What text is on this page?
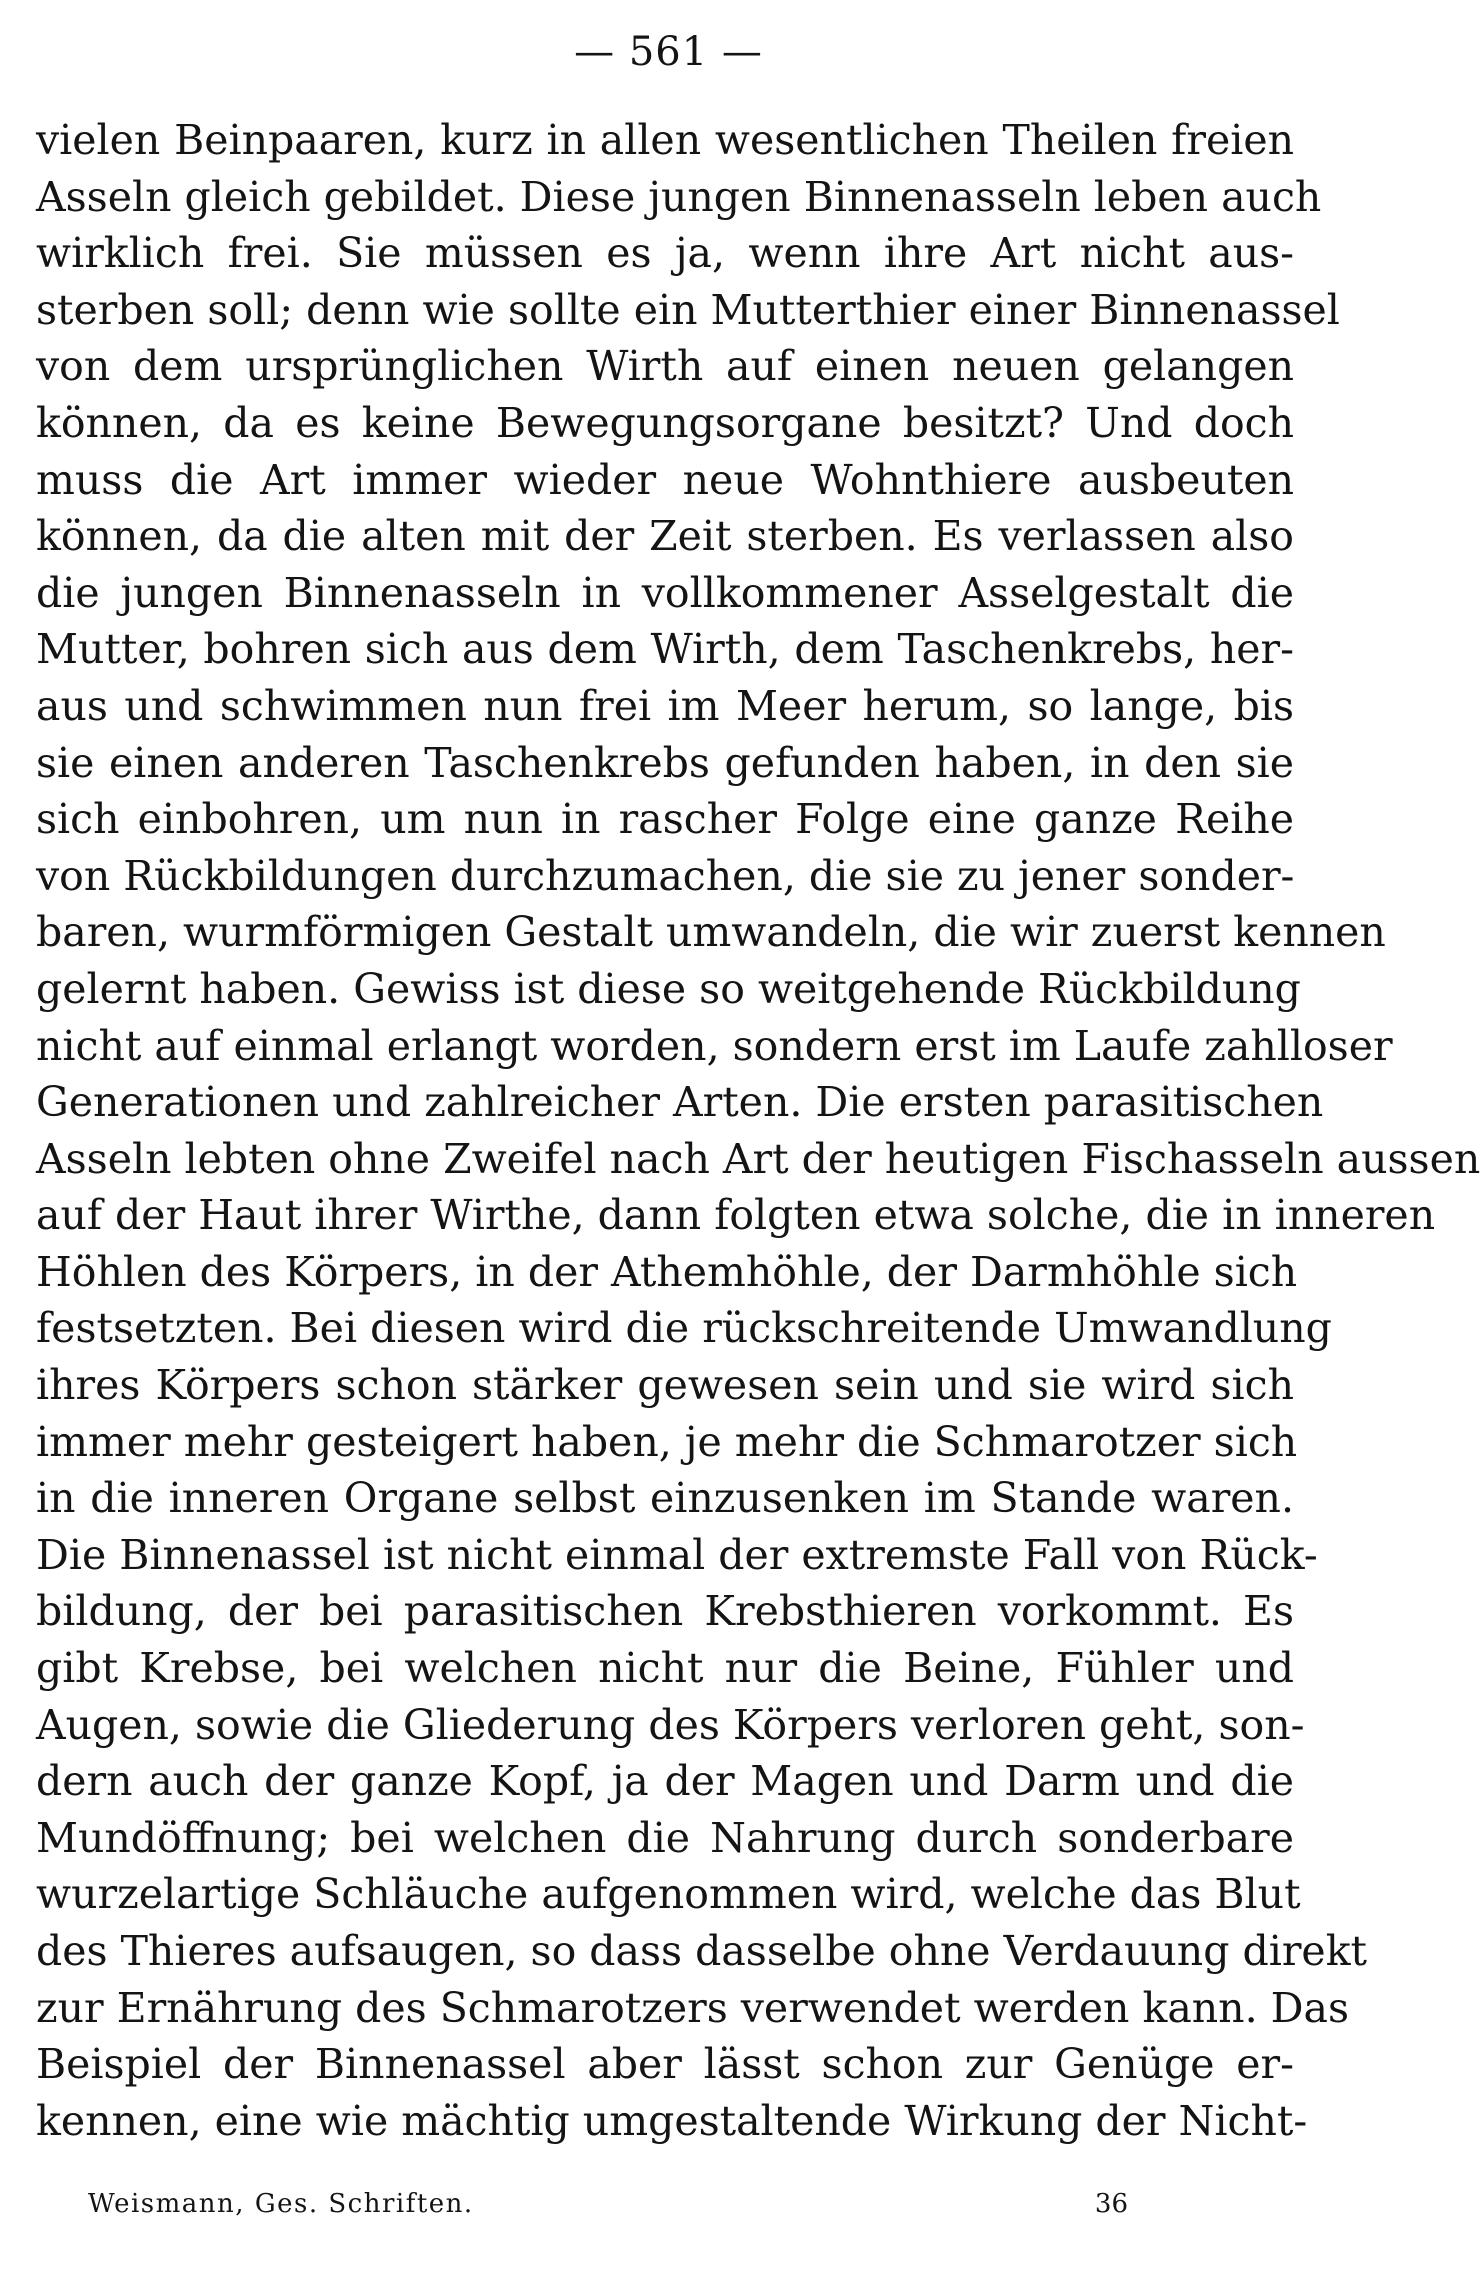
— 561 —
vielen Beinpaaren, kurz in allen wesentlichen Theilen freien
Asseln gleich gebildet. Diese jungen Binnenasseln leben auch
wirklich frei. Sie müssen es ja, wenn ihre Art nicht aus-
sterben soll; denn wie sollte ein Mutterthier einer Binnenassel
von dem ursprünglichen Wirth auf einen neuen gelangen
können, da es keine Bewegungsorgane besitzt? Und doch
muss die Art immer wieder neue Wohnthiere ausbeuten
können, da die alten mit der Zeit sterben. Es verlassen also
die jungen Binnenasseln in vollkommener Asselgestalt die
Mutter, bohren sich aus dem Wirth, dem Taschenkrebs, her-
aus und schwimmen nun frei im Meer herum, so lange, bis
sie einen anderen Taschenkrebs gefunden haben, in den sie
sich einbohren, um nun in rascher Folge eine ganze Reihe
von Rückbildungen durchzumachen, die sie zu jener sonder-
baren, wurmförmigen Gestalt umwandeln, die wir zuerst kennen
gelernt haben. Gewiss ist diese so weitgehende Rückbildung
nicht auf einmal erlangt worden, sondern erst im Laufe zahlloser
Generationen und zahlreicher Arten. Die ersten parasitischen
Asseln lebten ohne Zweifel nach Art der heutigen Fischasseln aussen
auf der Haut ihrer Wirthe, dann folgten etwa solche, die in inneren
Höhlen des Körpers, in der Athemhöhle, der Darmhöhle sich
festsetzten. Bei diesen wird die rückschreitende Umwandlung
ihres Körpers schon stärker gewesen sein und sie wird sich
immer mehr gesteigert haben, je mehr die Schmarotzer sich
in die inneren Organe selbst einzusenken im Stande waren.
Die Binnenassel ist nicht einmal der extremste Fall von Rück-
bildung, der bei parasitischen Krebsthieren vorkommt. Es
gibt Krebse, bei welchen nicht nur die Beine, Fühler und
Augen, sowie die Gliederung des Körpers verloren geht, son-
dern auch der ganze Kopf, ja der Magen und Darm und die
Mundöffnung; bei welchen die Nahrung durch sonderbare
wurzelartige Schläuche aufgenommen wird, welche das Blut
des Thieres aufsaugen, so dass dasselbe ohne Verdauung direkt
zur Ernährung des Schmarotzers verwendet werden kann. Das
Beispiel der Binnenassel aber lässt schon zur Genüge er-
kennen, eine wie mächtig umgestaltende Wirkung der Nicht-
Weismann, Ges. Schriften.	36
